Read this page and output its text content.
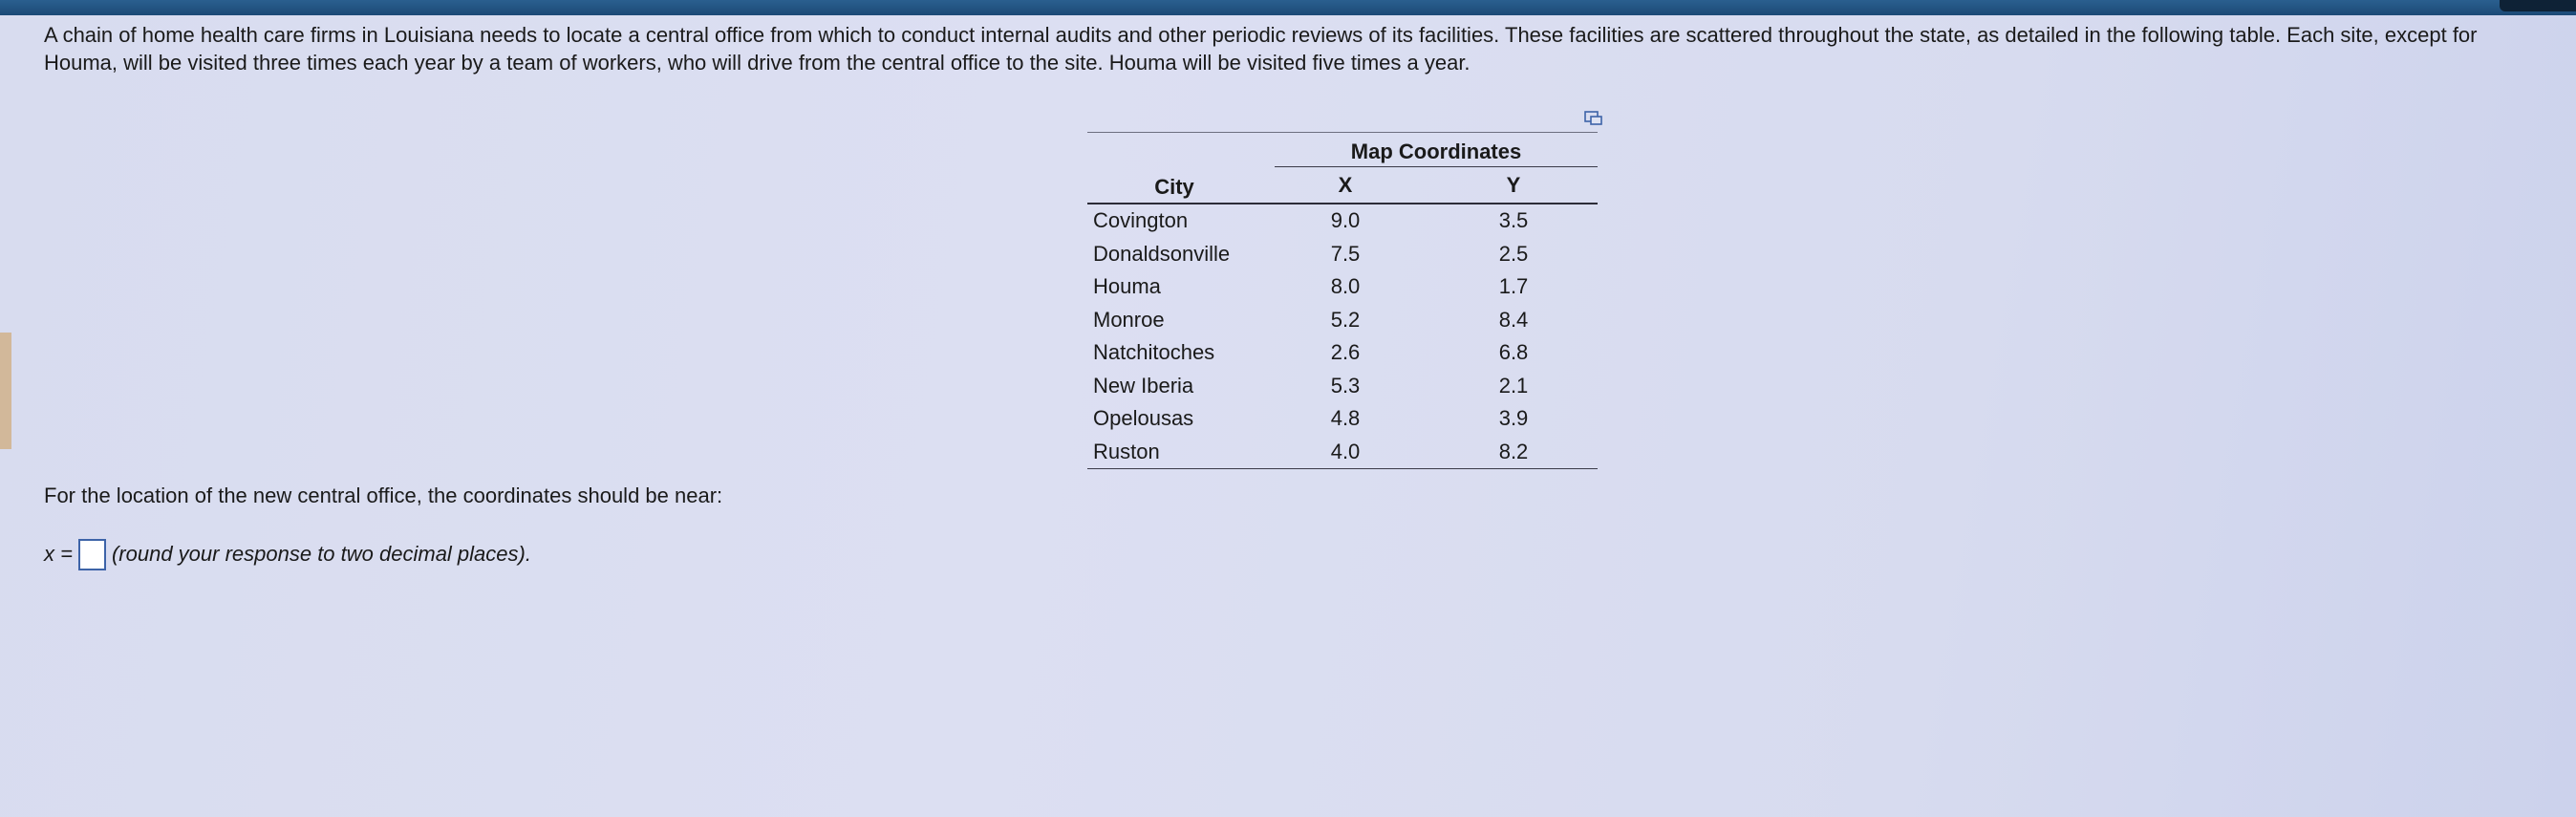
A chain of home health care firms in Louisiana needs to locate a central office from which to conduct internal audits and other periodic reviews of its facilities. These facilities are scattered throughout the state, as detailed in the following table. Each site, except for Houma, will be visited three times each year by a team of workers, who will drive from the central office to the site. Houma will be visited five times a year.

	Map Coordinates	

City	X	Y
Covington	9.0	3.5
Donaldsonville	7.5	2.5
Houma	8.0	1.7
Monroe	5.2	8.4
Natchitoches	2.6	6.8
New Iberia	5.3	2.1
Opelousas	4.8	3.9
Ruston	4.0	8.2

For the location of the new central office, the coordinates should be near:

x = (round your response to two decimal places).
